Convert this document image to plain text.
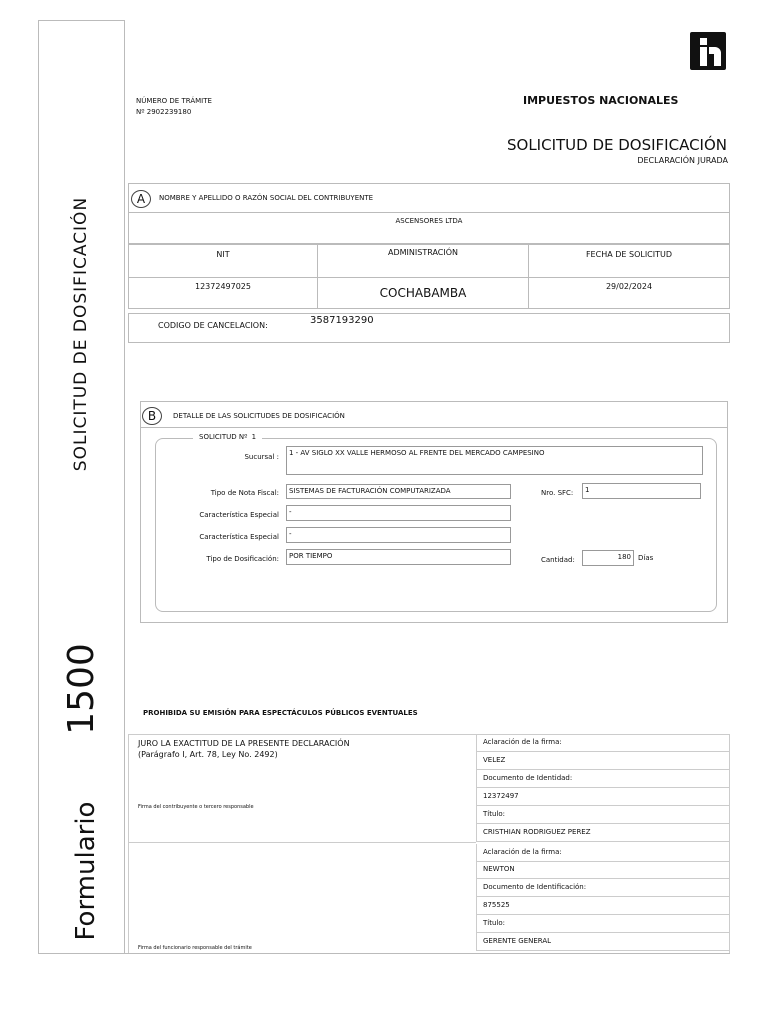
SOLICITUD DE DOSIFICACIÓN
1500
Formulario
NÚMERO DE TRÁMITE
Nº 2902239180
IMPUESTOS NACIONALES
SOLICITUD DE DOSIFICACIÓN
DECLARACIÓN JURADA
A	NOMBRE Y APELLIDO O RAZÓN SOCIAL DEL CONTRIBUYENTE
ASCENSORES LTDA
NIT	ADMINISTRACIÓN	FECHA DE SOLICITUD
12372497025	COCHABAMBA	29/02/2024
CODIGO DE CANCELACION:	3587193290
B	DETALLE DE LAS SOLICITUDES DE DOSIFICACIÓN
SOLICITUD Nº 1
Sucursal :	1 - AV SIGLO XX VALLE HERMOSO AL FRENTE DEL MERCADO CAMPESINO
Tipo de Nota Fiscal:	SISTEMAS DE FACTURACIÓN COMPUTARIZADA	Nro. SFC:	1
Característica Especial	-
Característica Especial	-
Tipo de Dosificación:	POR TIEMPO	Cantidad:	180	Días
PROHIBIDA SU EMISIÓN PARA ESPECTÁCULOS PÚBLICOS EVENTUALES
JURO LA EXACTITUD DE LA PRESENTE DECLARACIÓN
(Parágrafo I, Art. 78, Ley No. 2492)
Firma del contribuyente o tercero responsable
Firma del funcionario responsable del trámite
Aclaración de la firma:
VELEZ
Documento de Identidad:
12372497
Título:
CRISTHIAN RODRIGUEZ PEREZ
Aclaración de la firma:
NEWTON
Documento de Identificación:
875525
Título:
GERENTE GENERAL
